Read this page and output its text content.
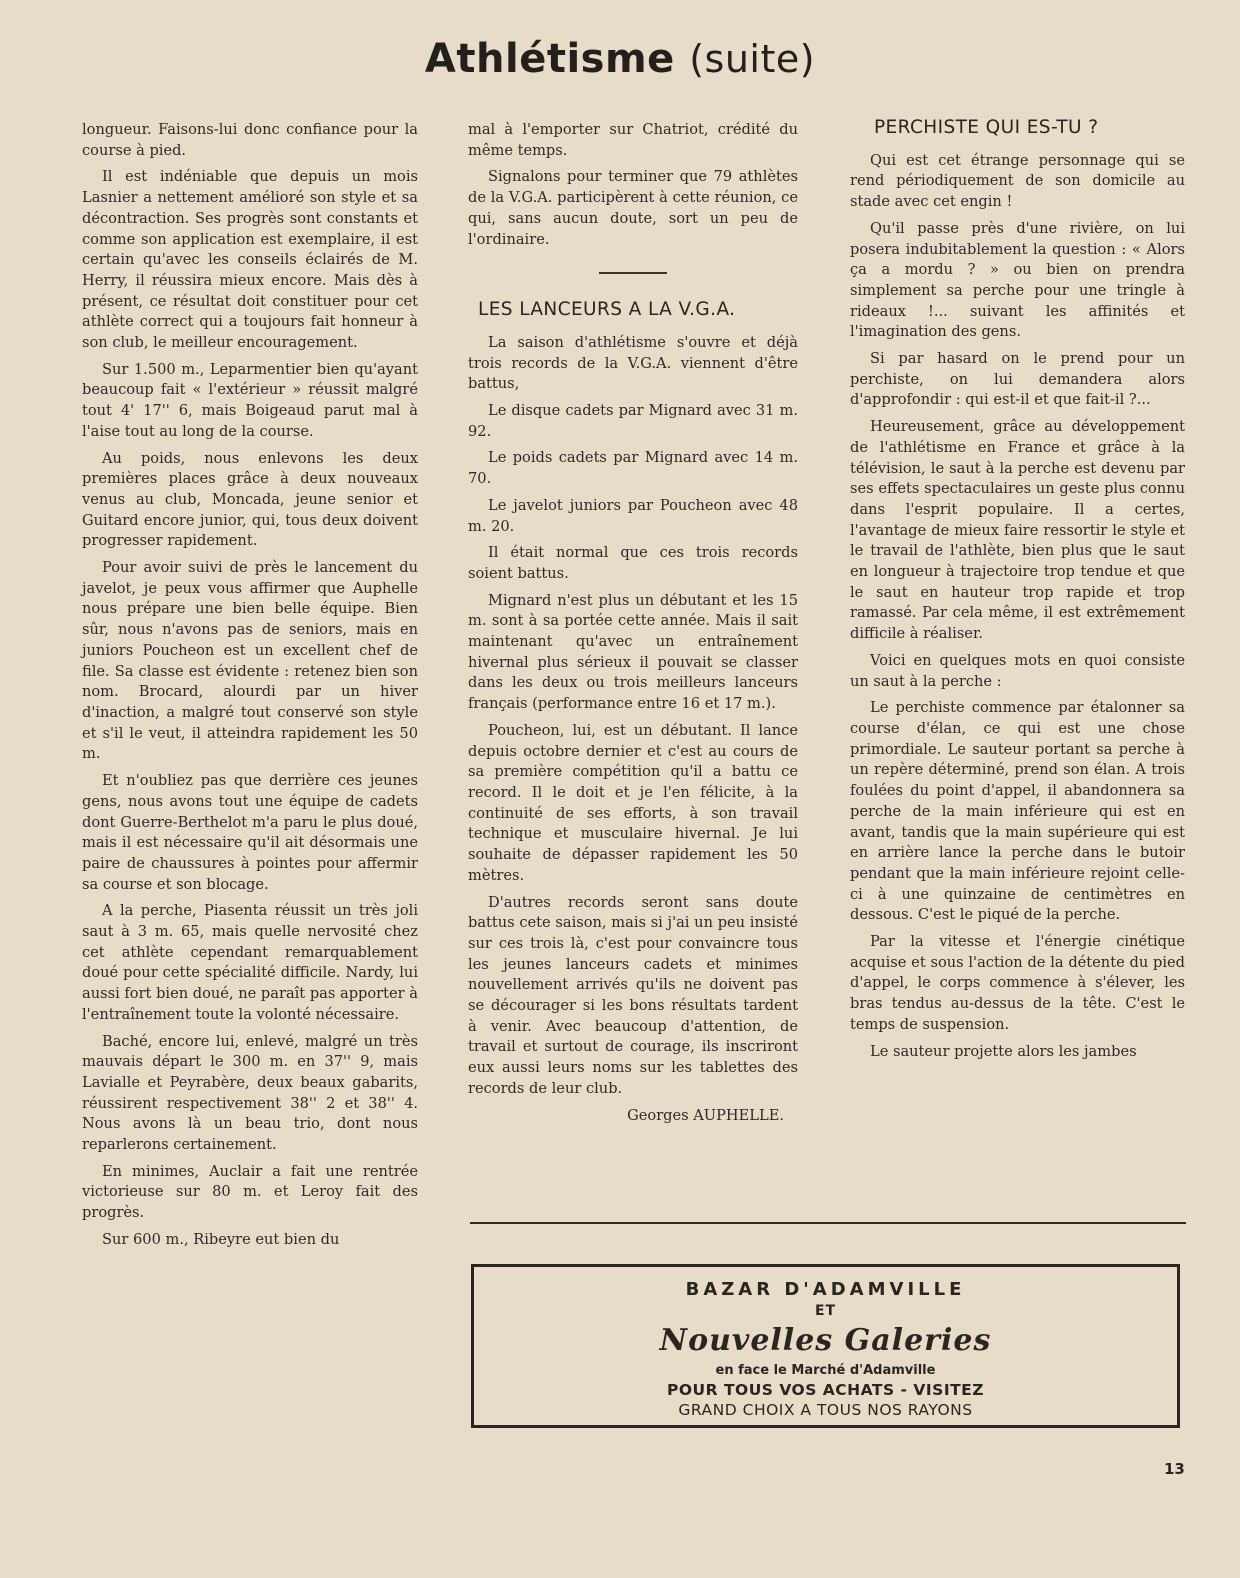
Athlétisme (suite)

longueur. Faisons-lui donc confiance pour la course à pied.

Il est indéniable que depuis un mois Lasnier a nettement amélioré son style et sa décontraction. Ses progrès sont constants et comme son application est exemplaire, il est certain qu'avec les conseils éclairés de M. Herry, il réussira mieux encore. Mais dès à présent, ce résultat doit constituer pour cet athlète correct qui a toujours fait honneur à son club, le meilleur encouragement.

Sur 1.500 m., Leparmentier bien qu'ayant beaucoup fait « l'extérieur » réussit malgré tout 4' 17'' 6, mais Boigeaud parut mal à l'aise tout au long de la course.

Au poids, nous enlevons les deux premières places grâce à deux nouveaux venus au club, Moncada, jeune senior et Guitard encore junior, qui, tous deux doivent progresser rapidement.

Pour avoir suivi de près le lancement du javelot, je peux vous affirmer que Auphelle nous prépare une bien belle équipe. Bien sûr, nous n'avons pas de seniors, mais en juniors Poucheon est un excellent chef de file. Sa classe est évidente : retenez bien son nom. Brocard, alourdi par un hiver d'inaction, a malgré tout conservé son style et s'il le veut, il atteindra rapidement les 50 m.

Et n'oubliez pas que derrière ces jeunes gens, nous avons tout une équipe de cadets dont Guerre-Berthelot m'a paru le plus doué, mais il est nécessaire qu'il ait désormais une paire de chaussures à pointes pour affermir sa course et son blocage.

A la perche, Piasenta réussit un très joli saut à 3 m. 65, mais quelle nervosité chez cet athlète cependant remarquablement doué pour cette spécialité difficile. Nardy, lui aussi fort bien doué, ne paraît pas apporter à l'entraînement toute la volonté nécessaire.

Baché, encore lui, enlevé, malgré un très mauvais départ le 300 m. en 37'' 9, mais Lavialle et Peyrabère, deux beaux gabarits, réussirent respectivement 38'' 2 et 38'' 4. Nous avons là un beau trio, dont nous reparlerons certainement.

En minimes, Auclair a fait une rentrée victorieuse sur 80 m. et Leroy fait des progrès.

Sur 600 m., Ribeyre eut bien du

mal à l'emporter sur Chatriot, crédité du même temps.

Signalons pour terminer que 79 athlètes de la V.G.A. participèrent à cette réunion, ce qui, sans aucun doute, sort un peu de l'ordinaire.

LES LANCEURS A LA V.G.A.

La saison d'athlétisme s'ouvre et déjà trois records de la V.G.A. viennent d'être battus,

Le disque cadets par Mignard avec 31 m. 92.

Le poids cadets par Mignard avec 14 m. 70.

Le javelot juniors par Poucheon avec 48 m. 20.

Il était normal que ces trois records soient battus.

Mignard n'est plus un débutant et les 15 m. sont à sa portée cette année. Mais il sait maintenant qu'avec un entraînement hivernal plus sérieux il pouvait se classer dans les deux ou trois meilleurs lanceurs français (performance entre 16 et 17 m.).

Poucheon, lui, est un débutant. Il lance depuis octobre dernier et c'est au cours de sa première compétition qu'il a battu ce record. Il le doit et je l'en félicite, à la continuité de ses efforts, à son travail technique et musculaire hivernal. Je lui souhaite de dépasser rapidement les 50 mètres.

D'autres records seront sans doute battus cete saison, mais si j'ai un peu insisté sur ces trois là, c'est pour convaincre tous les jeunes lanceurs cadets et minimes nouvellement arrivés qu'ils ne doivent pas se décourager si les bons résultats tardent à venir. Avec beaucoup d'attention, de travail et surtout de courage, ils inscriront eux aussi leurs noms sur les tablettes des records de leur club.

Georges AUPHELLE.

PERCHISTE QUI ES-TU ?

Qui est cet étrange personnage qui se rend périodiquement de son domicile au stade avec cet engin !

Qu'il passe près d'une rivière, on lui posera indubitablement la question : « Alors ça a mordu ? » ou bien on prendra simplement sa perche pour une tringle à rideaux !... suivant les affinités et l'imagination des gens.

Si par hasard on le prend pour un perchiste, on lui demandera alors d'approfondir : qui est-il et que fait-il ?...

Heureusement, grâce au développement de l'athlétisme en France et grâce à la télévision, le saut à la perche est devenu par ses effets spectaculaires un geste plus connu dans l'esprit populaire. Il a certes, l'avantage de mieux faire ressortir le style et le travail de l'athlète, bien plus que le saut en longueur à trajectoire trop tendue et que le saut en hauteur trop rapide et trop ramassé. Par cela même, il est extrêmement difficile à réaliser.

Voici en quelques mots en quoi consiste un saut à la perche :

Le perchiste commence par étalonner sa course d'élan, ce qui est une chose primordiale. Le sauteur portant sa perche à un repère déterminé, prend son élan. A trois foulées du point d'appel, il abandonnera sa perche de la main inférieure qui est en avant, tandis que la main supérieure qui est en arrière lance la perche dans le butoir pendant que la main inférieure rejoint celle-ci à une quinzaine de centimètres en dessous. C'est le piqué de la perche.

Par la vitesse et l'énergie cinétique acquise et sous l'action de la détente du pied d'appel, le corps commence à s'élever, les bras tendus au-dessus de la tête. C'est le temps de suspension.

Le sauteur projette alors les jambes

BAZAR D'ADAMVILLE
ET
Nouvelles Galeries
en face le Marché d'Adamville
POUR TOUS VOS ACHATS - VISITEZ
GRAND CHOIX A TOUS NOS RAYONS
13
